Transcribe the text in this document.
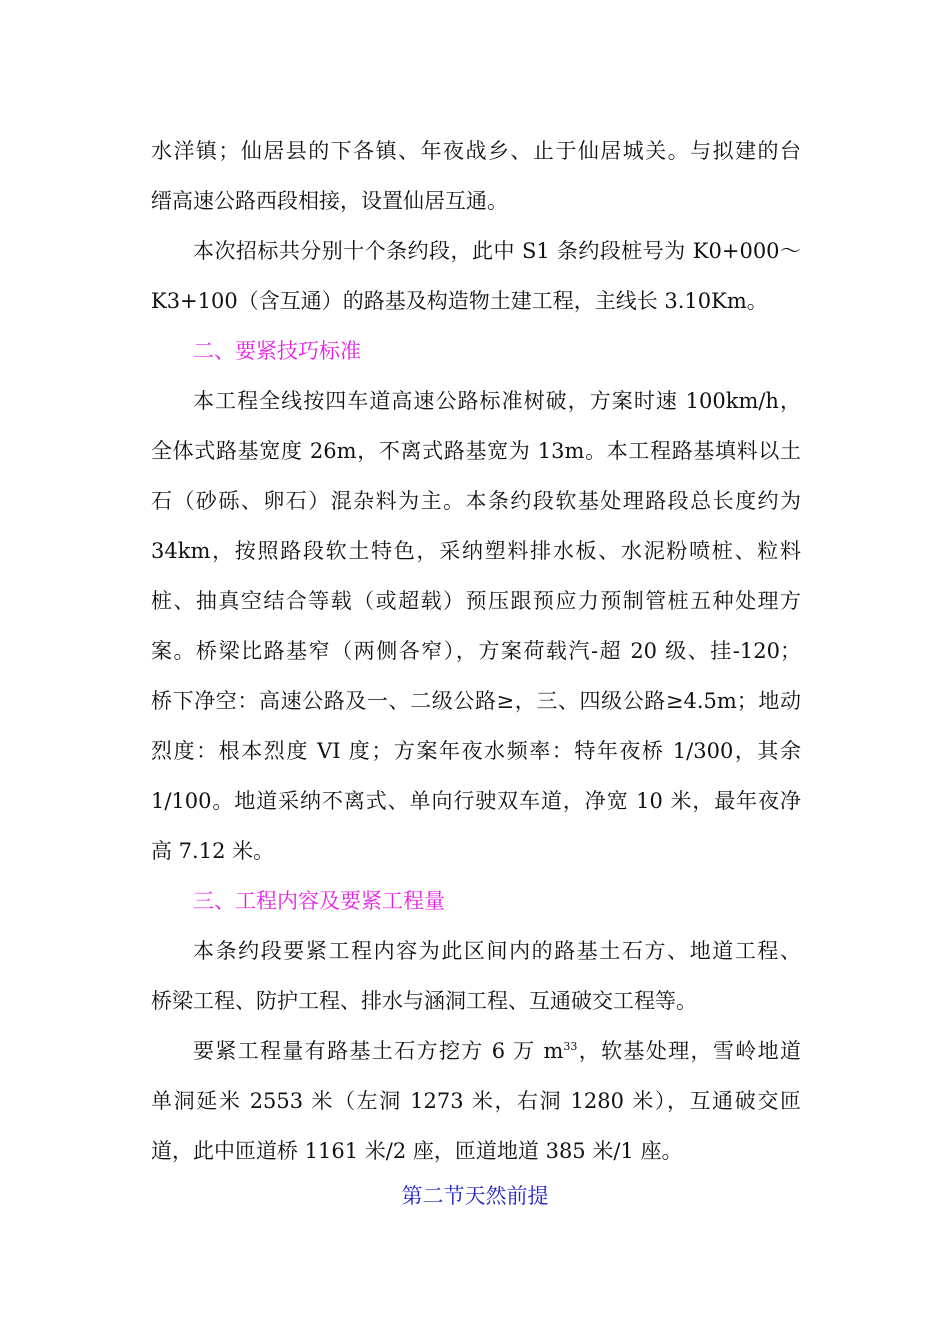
水洋镇；仙居县的下各镇、年夜战乡、止于仙居城关。与拟建的台
缙高速公路西段相接，设置仙居互通。
本次招标共分别十个条约段，此中 S1 条约段桩号为 K0+000～
K3+100（含互通）的路基及构造物土建工程，主线长 3.10Km。
二、要紧技巧标准
本工程全线按四车道高速公路标准树破，方案时速 100km/h，
全体式路基宽度 26m，不离式路基宽为 13m。本工程路基填料以土
石（砂砾、卵石）混杂料为主。本条约段软基处理路段总长度约为
34km，按照路段软土特色，采纳塑料排水板、水泥粉喷桩、粒料
桩、抽真空结合等载（或超载）预压跟预应力预制管桩五种处理方
案。桥梁比路基窄（两侧各窄），方案荷载汽-超 20 级、挂-120；
桥下净空：高速公路及一、二级公路≥，三、四级公路≥4.5m；地动
烈度：根本烈度 VI 度；方案年夜水频率：特年夜桥 1/300，其余
1/100。地道采纳不离式、单向行驶双车道，净宽 10 米，最年夜净
高 7.12 米。
三、工程内容及要紧工程量
本条约段要紧工程内容为此区间内的路基土石方、地道工程、
桥梁工程、防护工程、排水与涵洞工程、互通破交工程等。
要紧工程量有路基土石方挖方 6 万 $m^{33}$，软基处理，雪岭地道
单洞延米 2553 米（左洞 1273 米，右洞 1280 米），互通破交匝
道，此中匝道桥 1161 米/2 座，匝道地道 385 米/1 座。
第二节天然前提
